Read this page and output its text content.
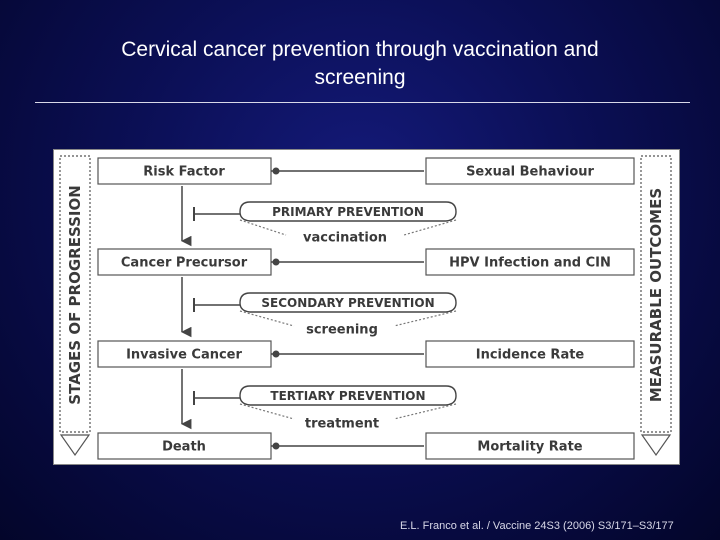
Cervical cancer prevention through vaccination and
screening
STAGES OF PROGRESSION	MEASURABLE OUTCOMES
Risk Factor	Sexual Behaviour
PRIMARY PREVENTION
vaccination
Cancer Precursor	HPV Infection and CIN
SECONDARY PREVENTION
screening
Invasive Cancer	Incidence Rate
TERTIARY PREVENTION
treatment
Death	Mortality Rate
E.L. Franco et al. / Vaccine 24S3 (2006) S3/171–S3/177
